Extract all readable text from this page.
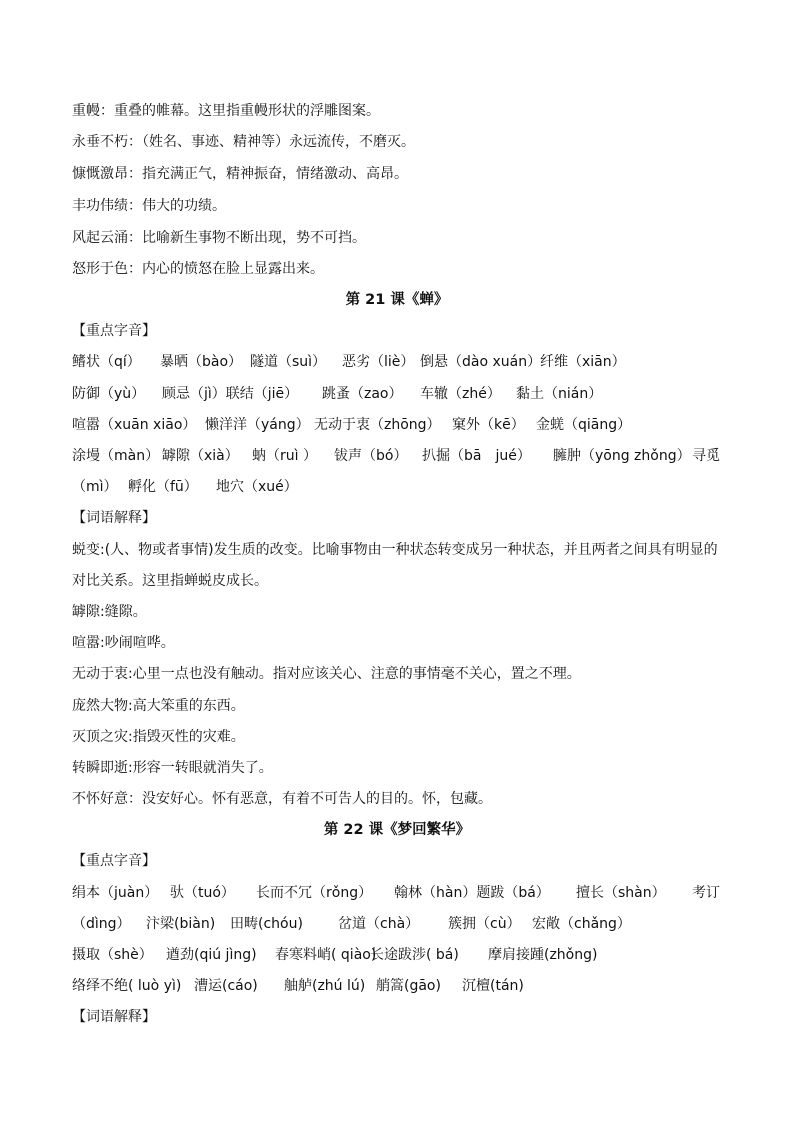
重幔：重叠的帷幕。这里指重幔形状的浮雕图案。
永垂不朽：（姓名、事迹、精神等）永远流传，不磨灭。
慷慨激昂：指充满正气，精神振奋，情绪激动、高昂。
丰功伟绩：伟大的功绩。
风起云涌：比喻新生事物不断出现，势不可挡。
怒形于色：内心的愤怒在脸上显露出来。
第 21 课《蝉》
【重点字音】
鳍状（qí） 暴晒（bào） 隧道（suì） 恶劣（liè） 倒悬（dào xuán）
纤维（xiān）
防御（yù） 顾忌（jì）联结（jiē） 跳蚤（zao） 车辙（zhé） 黏土（nián）
喧嚣（xuān xiāo） 懒洋洋（yáng） 无动于衷（zhōng） 窠外（kē） 金蜣（qiāng）
涂墁（màn） 罅隙（xià） 蚋（ruì ） 钹声（bó） 扒掘（bā　jué） 臃肿（yōng zhǒng） 寻觅
（mì） 孵化（fū） 地穴（xué）
【词语解释】
蜕变:(人、物或者事情)发生质的改变。比喻事物由一种状态转变成另一种状态，并且两者之间具有明显的
对比关系。这里指蝉蜕皮成长。
罅隙:缝隙。
喧嚣:吵闹喧哗。
无动于衷:心里一点也没有触动。指对应该关心、注意的事情毫不关心，置之不理。
庞然大物:高大笨重的东西。
灭顶之灾:指毁灭性的灾难。
转瞬即逝:形容一转眼就消失了。
不怀好意：没安好心。怀有恶意，有着不可告人的目的。怀，包藏。
第 22 课《梦回繁华》
【重点字音】
绢本（juàn） 驮（tuó） 长而不冗（rǒng） 翰林（hàn）题跋（bá） 擅长（shàn） 考订
（dìng） 汴梁(biàn) 田畴(chóu)	岔道（chà） 簇拥（cù） 宏敞（chǎng）
摄取（shè） 遒劲(qiú jìng) 春寒料峭( qiào)
长途跋涉( bá) 摩肩接踵(zhǒng)
络绎不绝( luò yì) 漕运(cáo) 舳舻(zhú lú) 艄篙(gāo) 沉檀(tán)
【词语解释】
